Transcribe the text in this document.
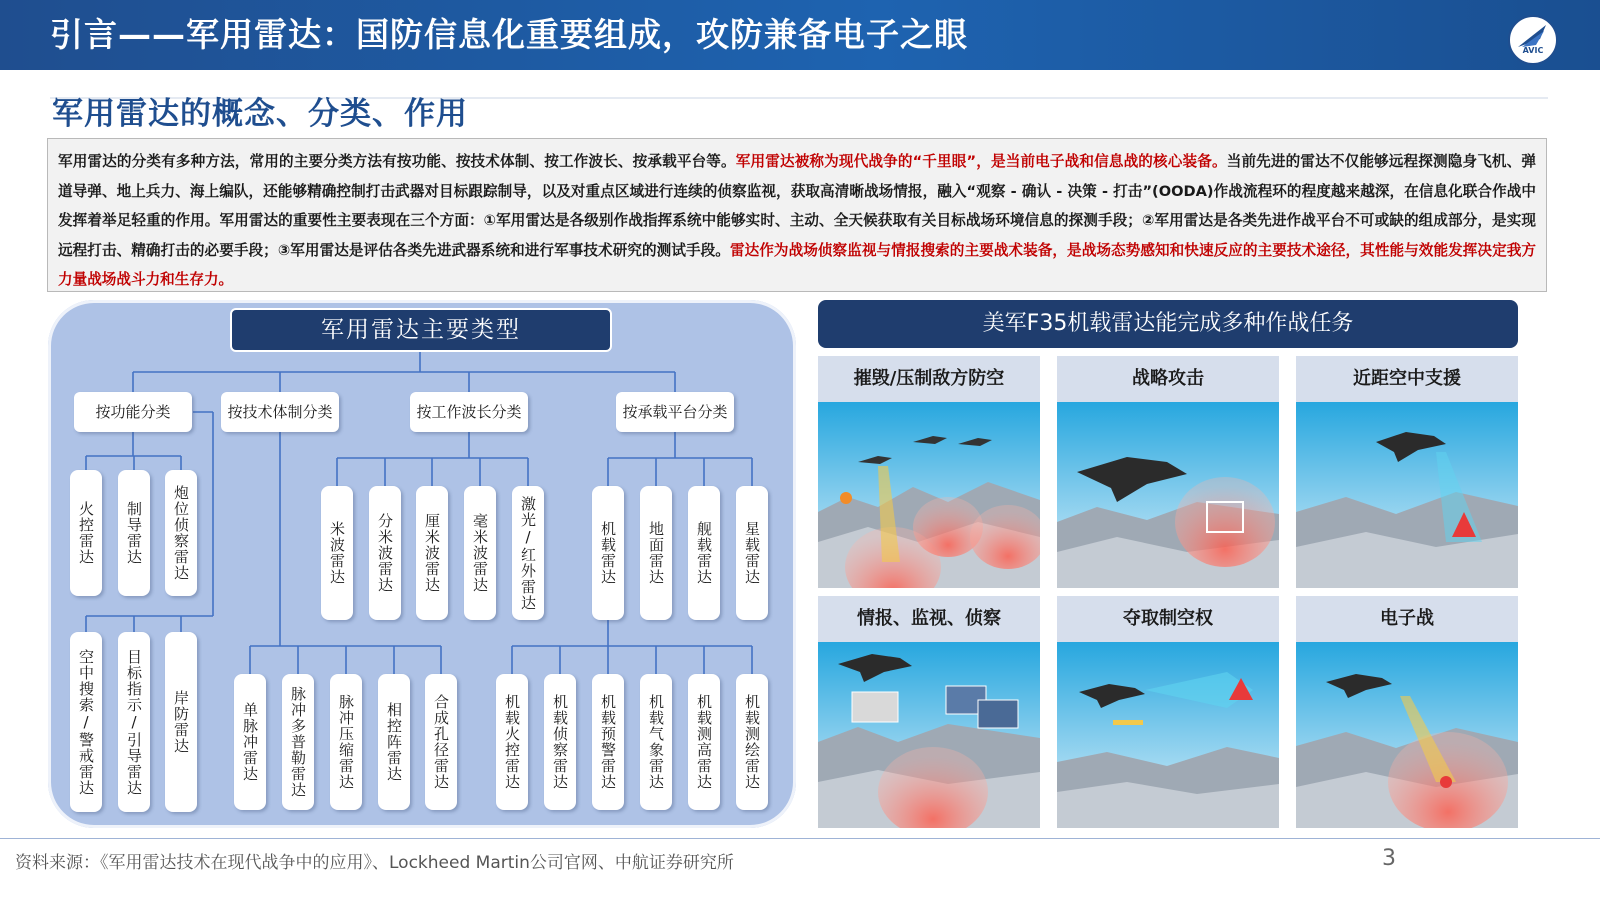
引言——军用雷达：国防信息化重要组成，攻防兼备电子之眼	AVIC
军用雷达的概念、分类、作用
军用雷达的分类有多种方法，常用的主要分类方法有按功能、按技术体制、按工作波长、按承载平台等。军用雷达被称为现代战争的“千里眼”，是当前电子战和信息战的核心装备。当前先进的雷达不仅能够远程探测隐身飞机、弹道导弹、地上兵力、海上编队，还能够精确控制打击武器对目标跟踪制导，以及对重点区域进行连续的侦察监视，获取高清晰战场情报，融入“观察 - 确认 - 决策 - 打击”(OODA)作战流程环的程度越来越深，在信息化联合作战中发挥着举足轻重的作用。军用雷达的重要性主要表现在三个方面：①军用雷达是各级别作战指挥系统中能够实时、主动、全天候获取有关目标战场环境信息的探测手段；②军用雷达是各类先进作战平台不可或缺的组成部分，是实现远程打击、精确打击的必要手段；③军用雷达是评估各类先进武器系统和进行军事技术研究的测试手段。雷达作为战场侦察监视与情报搜索的主要战术装备，是战场态势感知和快速反应的主要技术途径，其性能与效能发挥决定我方力量战场战斗力和生存力。
军用雷达主要类型
按功能分类	按技术体制分类	按工作波长分类	按承载平台分类
火控雷达	制导雷达	炮位侦察雷达
空中搜索/警戒雷达	目标指示/引导雷达	岸防雷达
米波雷达	分米波雷达	厘米波雷达	毫米波雷达	激光/红外雷达	机载雷达	地面雷达	舰载雷达	星载雷达
单脉冲雷达	脉冲多普勒雷达	脉冲压缩雷达	相控阵雷达	合成孔径雷达	机载火控雷达	机载侦察雷达	机载预警雷达	机载气象雷达	机载测高雷达	机载测绘雷达
美军F35机载雷达能完成多种作战任务
摧毁/压制敌方防空	战略攻击	近距空中支援
情报、监视、侦察	夺取制空权	电子战
资料来源：《军用雷达技术在现代战争中的应用》、Lockheed Martin公司官网、中航证券研究所	3
